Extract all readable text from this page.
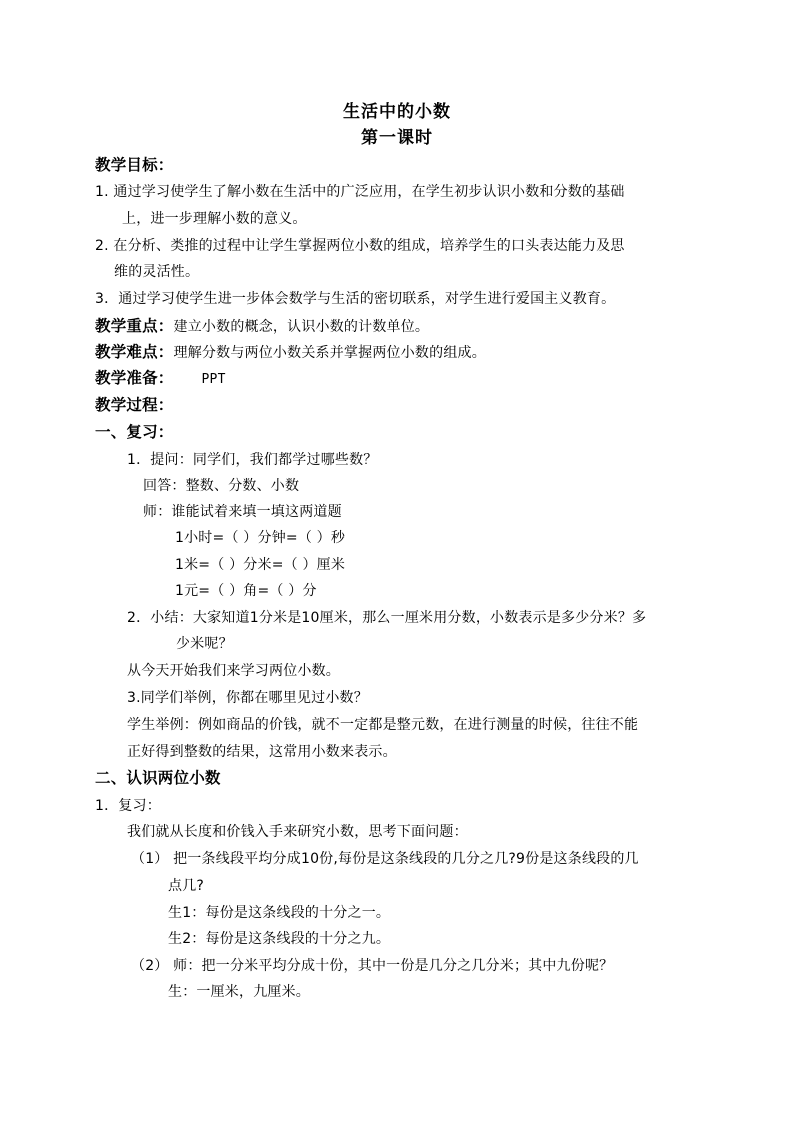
生活中的小数
第一课时
教学目标：
1. 通过学习使学生了解小数在生活中的广泛应用，在学生初步认识小数和分数的基础
上，进一步理解小数的意义。
2. 在分析、类推的过程中让学生掌握两位小数的组成，培养学生的口头表达能力及思
维的灵活性。
3．通过学习使学生进一步体会数学与生活的密切联系，对学生进行爱国主义教育。
教学重点：建立小数的概念，认识小数的计数单位。
教学难点：理解分数与两位小数关系并掌握两位小数的组成。
教学准备： PPT
教学过程：
一、复习：
1．提问：同学们，我们都学过哪些数？
回答：整数、分数、小数
师：谁能试着来填一填这两道题
1小时=（ ）分钟=（ ）秒
1米=（ ）分米=（ ）厘米
1元=（ ）角=（ ）分
2．小结：大家知道1分米是10厘米，那么一厘米用分数，小数表示是多少分米？多
少米呢？
从今天开始我们来学习两位小数。
3.同学们举例，你都在哪里见过小数？
学生举例：例如商品的价钱，就不一定都是整元数，在进行测量的时候，往往不能
正好得到整数的结果，这常用小数来表示。
二、认识两位小数
1．复习：
我们就从长度和价钱入手来研究小数，思考下面问题：
（1） 把一条线段平均分成10份,每份是这条线段的几分之几?9份是这条线段的几
点几?
生1：每份是这条线段的十分之一。
生2：每份是这条线段的十分之九。
（2） 师：把一分米平均分成十份，其中一份是几分之几分米；其中九份呢？
生：一厘米，九厘米。
